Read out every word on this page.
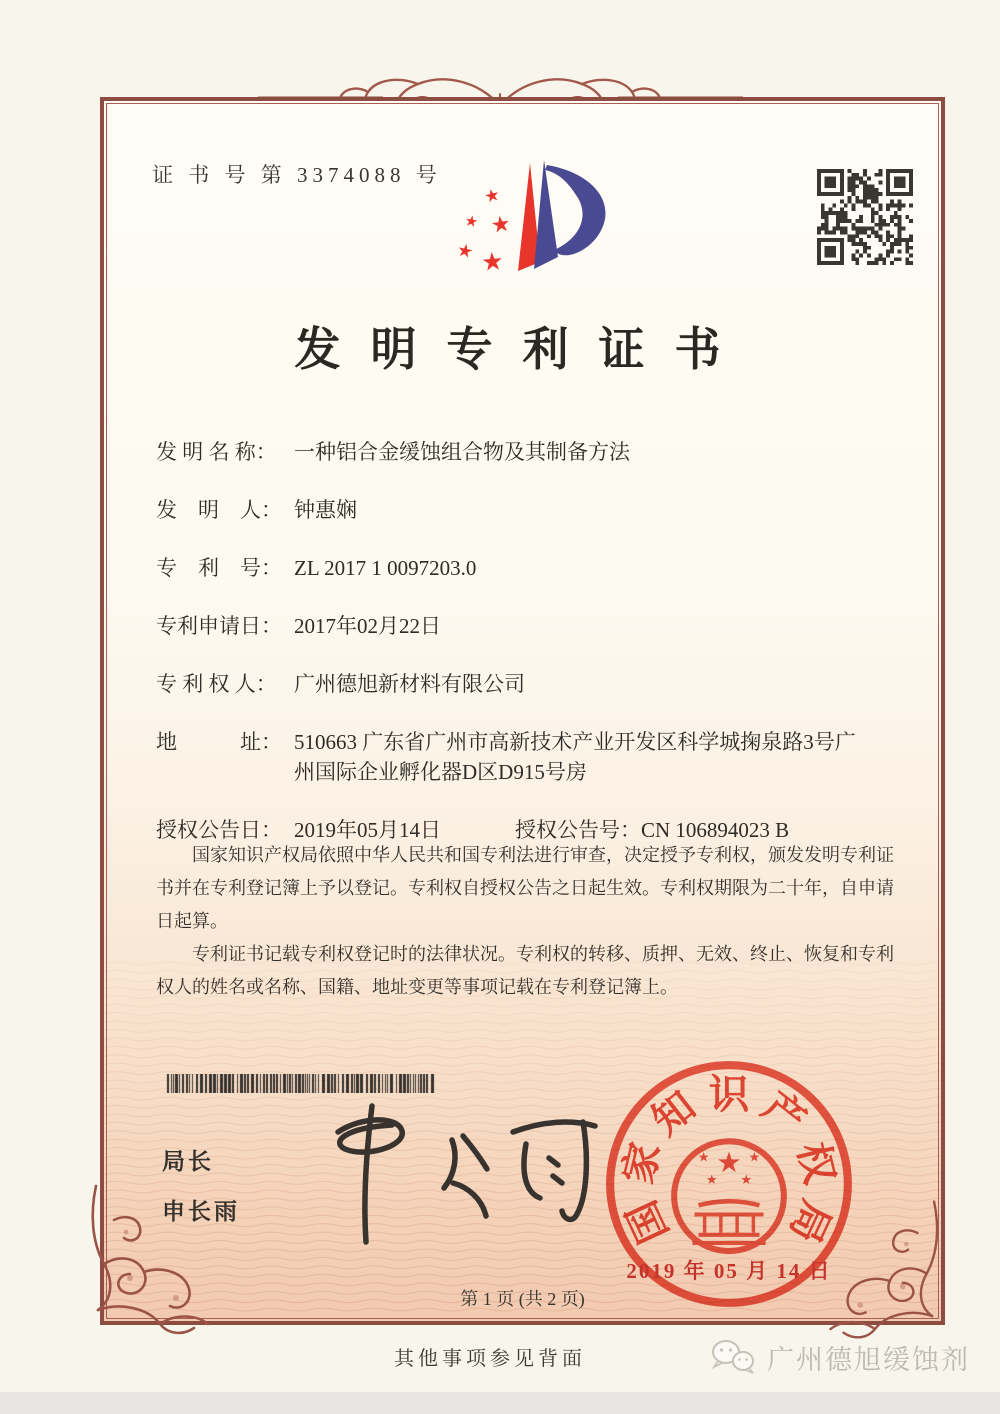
证 书 号 第 3374088 号
★
★ ★
★ ★
发明专利证书
发 明 名 称： 一种铝合金缓蚀组合物及其制备方法
发　明　人： 钟惠娴
专　利　号： ZL 2017 1 0097203.0
专利申请日： 2017年02月22日
专 利 权 人： 广州德旭新材料有限公司
地　　　址： 510663 广东省广州市高新技术产业开发区科学城掬泉路3号广州国际企业孵化器D区D915号房
授权公告日： 2019年05月14日	授权公告号： CN 106894023 B

国家知识产权局依照中华人民共和国专利法进行审查，决定授予专利权，颁发发明专利证书并在专利登记簿上予以登记。专利权自授权公告之日起生效。专利权期限为二十年，自申请日起算。

专利证书记载专利权登记时的法律状况。专利权的转移、质押、无效、终止、恢复和专利权人的姓名或名称、国籍、地址变更等事项记载在专利登记簿上。

局长
申长雨	国
家
知 识 产
权
局
★
★	★
★ ★
2019 年 05 月 14 日
第 1 页 (共 2 页)
其他事项参见背面	广州德旭缓蚀剂
